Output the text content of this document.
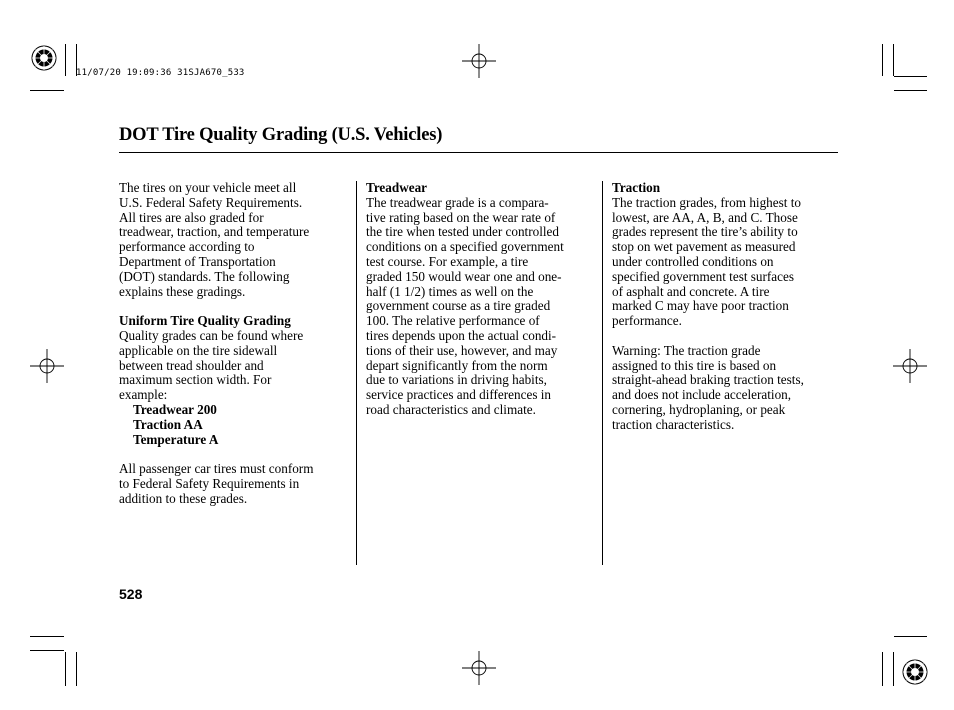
11/07/20 19:09:36 31SJA670_533
DOT Tire Quality Grading (U.S. Vehicles)

The tires on your vehicle meet all

U.S. Federal Safety Requirements.

All tires are also graded for

treadwear, traction, and temperature

performance according to

Department of Transportation

(DOT) standards. The following

explains these gradings.

Uniform Tire Quality Grading

Quality grades can be found where

applicable on the tire sidewall

between tread shoulder and

maximum section width. For

example:

Treadwear 200

Traction AA

Temperature A

All passenger car tires must conform

to Federal Safety Requirements in

addition to these grades.

Treadwear

The treadwear grade is a compara-

tive rating based on the wear rate of

the tire when tested under controlled

conditions on a specified government

test course. For example, a tire

graded 150 would wear one and one-

half (1 1/2) times as well on the

government course as a tire graded

100. The relative performance of

tires depends upon the actual condi-

tions of their use, however, and may

depart significantly from the norm

due to variations in driving habits,

service practices and differences in

road characteristics and climate.

Traction

The traction grades, from highest to

lowest, are AA, A, B, and C. Those

grades represent the tire’s ability to

stop on wet pavement as measured

under controlled conditions on

specified government test surfaces

of asphalt and concrete. A tire

marked C may have poor traction

performance.

Warning: The traction grade

assigned to this tire is based on

straight-ahead braking traction tests,

and does not include acceleration,

cornering, hydroplaning, or peak

traction characteristics.

528
